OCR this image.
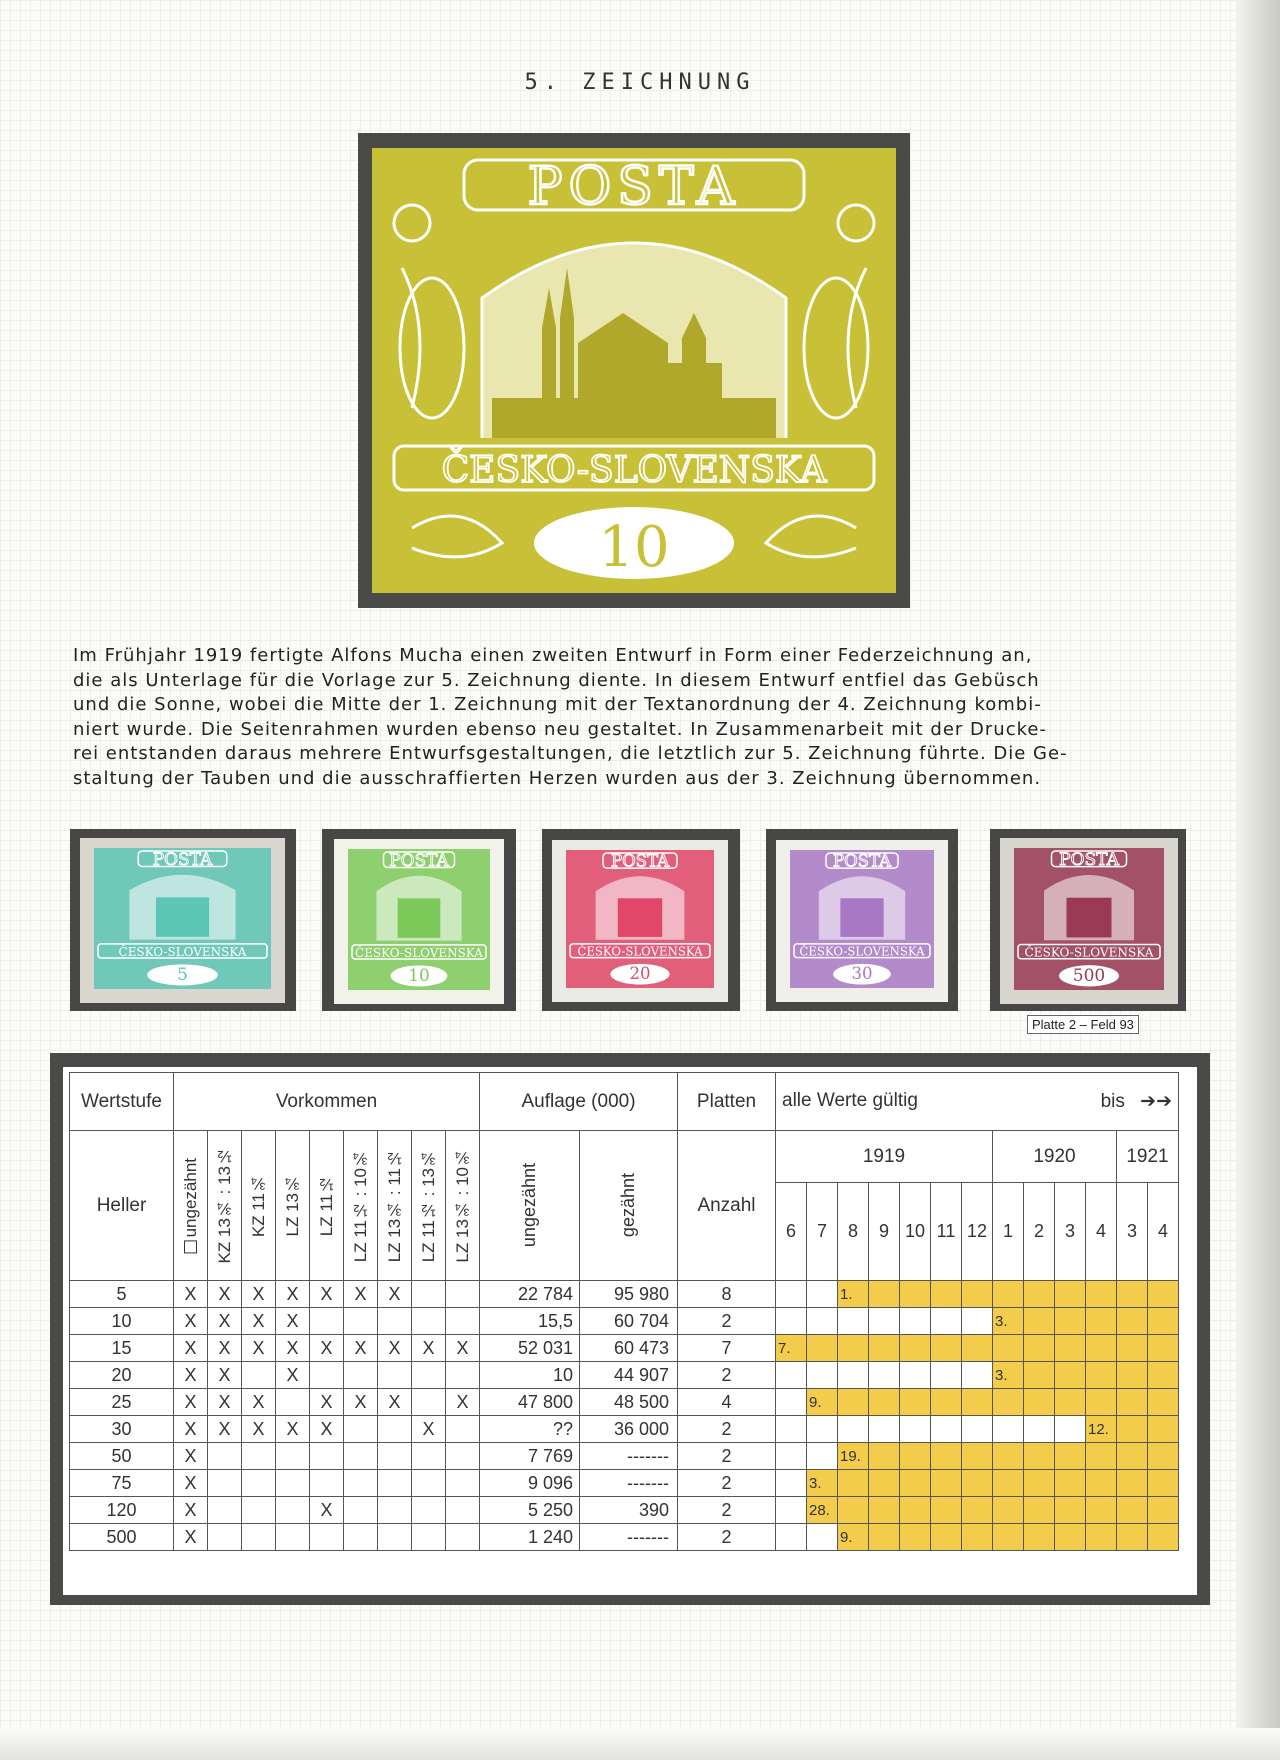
5. ZEICHNUNG
POSTA
ČESKO-SLOVENSKA
10
Im Frühjahr 1919 fertigte Alfons Mucha einen zweiten Entwurf in Form einer Federzeichnung an,
die als Unterlage für die Vorlage zur 5. Zeichnung diente. In diesem Entwurf entfiel das Gebüsch
und die Sonne, wobei die Mitte der 1. Zeichnung mit der Textanordnung der 4. Zeichnung kombi-
niert wurde. Die Seitenrahmen wurden ebenso neu gestaltet. In Zusammenarbeit mit der Drucke-
rei entstanden daraus mehrere Entwurfsgestaltungen, die letztlich zur 5. Zeichnung führte. Die Ge-
staltung der Tauben und die ausschraffierten Herzen wurden aus der 3. Zeichnung übernommen.
POSTA
ČESKO-SLOVENSKA
5
POSTA
ČESKO-SLOVENSKA
10
POSTA
ČESKO-SLOVENSKA
20
POSTA
ČESKO-SLOVENSKA
30
POSTA
ČESKO-SLOVENSKA
500
Platte 2 – Feld 93
Wertstufe	Vorkommen									Auflage (000)		Platten	alle Werte gültig bis ➔➔												

Heller	ungezähnt	KZ 13¾ : 13½	KZ 11¾	LZ 13¾	LZ 11½	LZ 11½ : 10¾	LZ 13¾ : 11½	LZ 11½ : 13¾	LZ 13¾ : 10¾	ungezähnt	gezähnt	Anzahl	1919							1920				1921	
													6	7	8	9	10	11	12	1	2	3	4	3	4
5	X	X	X	X	X	X	X			22 784	95 980	8			1.										
10	X	X	X	X						15,5	60 704	2								3.					
15	X	X	X	X	X	X	X	X	X	52 031	60 473	7	7.												
20	X	X		X						10	44 907	2								3.					
25	X	X	X		X	X	X		X	47 800	48 500	4		9.											
30	X	X	X	X	X			X		??	36 000	2											12.		
50	X									7 769	-------	2			19.										
75	X									9 096	-------	2		3.											
120	X				X					5 250	390	2		28.											
500	X									1 240	-------	2			9.										
